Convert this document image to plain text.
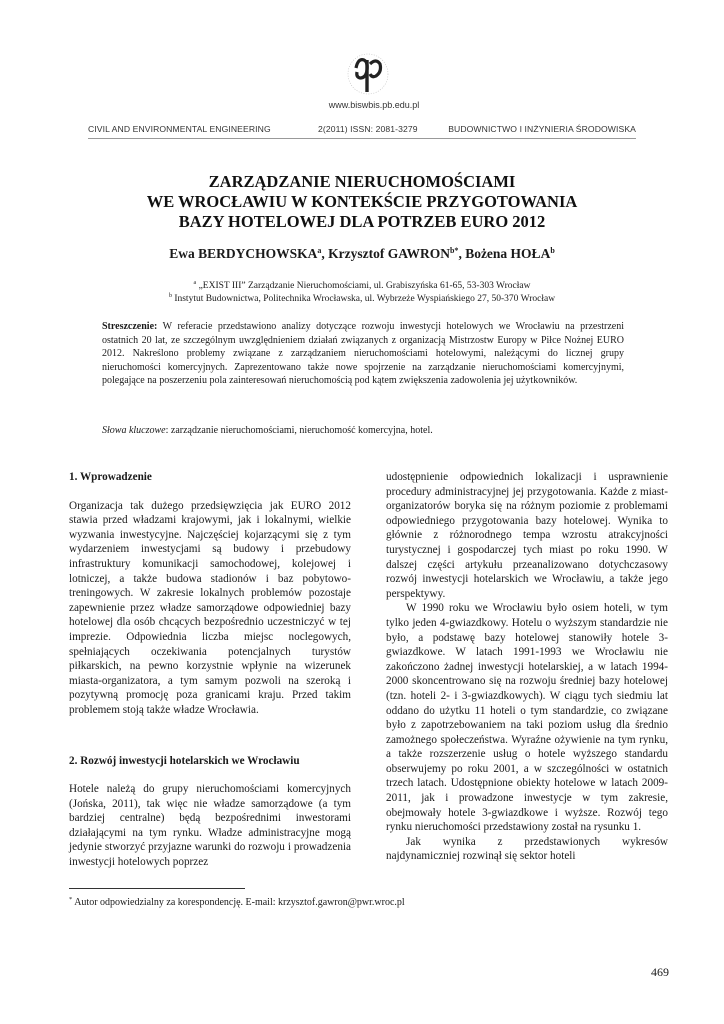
www.biswbis.pb.edu.pl
CIVIL AND ENVIRONMENTAL ENGINEERING	2(2011) ISSN: 2081-3279	BUDOWNICTWO I INŻYNIERIA ŚRODOWISKA
ZARZĄDZANIE NIERUCHOMOŚCIAMI
WE WROCŁAWIU W KONTEKŚCIE PRZYGOTOWANIA
BAZY HOTELOWEJ DLA POTRZEB EURO 2012
Ewa BERDYCHOWSKA$^a$, Krzysztof $GAWRON^{b*}$, Bożena HOŁA$^b$
$^a$ „EXIST III” Zarządzanie Nieruchomościami, ul. Grabiszyńska 61-65, 53-303 Wrocław
$^b$ Instytut Budownictwa, Politechnika Wrocławska, ul. Wybrzeże Wyspiańskiego 27, 50-370 Wrocław
Streszczenie: W referacie przedstawiono analizy dotyczące rozwoju inwestycji hotelowych we Wrocławiu na przestrzeni ostatnich 20 lat, ze szczególnym uwzględnieniem działań związanych z organizacją Mistrzostw Europy w Piłce Nożnej EURO 2012. Nakreślono problemy związane z zarządzaniem nieruchomościami hotelowymi, należącymi do licznej grupy nieruchomości komercyjnych. Zaprezentowano także nowe spojrzenie na zarządzanie nieruchomościami komercyjnymi, polegające na poszerzeniu pola zainteresowań nieruchomością pod kątem zwiększenia zadowolenia jej użytkowników.
Słowa kluczowe: zarządzanie nieruchomościami, nieruchomość komercyjna, hotel.
1. Wprowadzenie

Organizacja tak dużego przedsięwzięcia jak EURO 2012 stawia przed władzami krajowymi, jak i lokalnymi, wielkie wyzwania inwestycyjne. Najczęściej kojarzącymi się z tym wydarzeniem inwestycjami są budowy i przebudowy infrastruktury komunikacji samochodowej, kolejowej i lotniczej, a także budowa stadionów i baz pobytowo-treningowych. W zakresie lokalnych problemów pozostaje zapewnienie przez władze samorządowe odpowiedniej bazy hotelowej dla osób chcących bezpośrednio uczestniczyć w tej imprezie. Odpowiednia liczba miejsc noclegowych, spełniających oczekiwania potencjalnych turystów piłkarskich, na pewno korzystnie wpłynie na wizerunek miasta-organizatora, a tym samym pozwoli na szeroką i pozytywną promocję poza granicami kraju. Przed takim problemem stoją także władze Wrocławia.

2. Rozwój inwestycji hotelarskich we Wrocławiu

Hotele należą do grupy nieruchomościami komercyjnych (Jońska, 2011), tak więc nie władze samorządowe (a tym bardziej centralne) będą bezpośrednimi inwestorami działającymi na tym rynku. Władze administracyjne mogą jedynie stworzyć przyjazne warunki do rozwoju i prowadzenia inwestycji hotelowych poprzez

udostępnienie odpowiednich lokalizacji i usprawnienie procedury administracyjnej jej przygotowania. Każde z miast-organizatorów boryka się na różnym poziomie z problemami odpowiedniego przygotowania bazy hotelowej. Wynika to głównie z różnorodnego tempa wzrostu atrakcyjności turystycznej i gospodarczej tych miast po roku 1990. W dalszej części artykułu przeanalizowano dotychczasowy rozwój inwestycji hotelarskich we Wrocławiu, a także jego perspektywy.

W 1990 roku we Wrocławiu było osiem hoteli, w tym tylko jeden 4-gwiazdkowy. Hotelu o wyższym standardzie nie było, a podstawę bazy hotelowej stanowiły hotele 3-gwiazdkowe. W latach 1991-1993 we Wrocławiu nie zakończono żadnej inwestycji hotelarskiej, a w latach 1994-2000 skoncentrowano się na rozwoju średniej bazy hotelowej (tzn. hoteli 2- i 3-gwiazdkowych). W ciągu tych siedmiu lat oddano do użytku 11 hoteli o tym standardzie, co związane było z zapotrzebowaniem na taki poziom usług dla średnio zamożnego społeczeństwa. Wyraźne ożywienie na tym rynku, a także rozszerzenie usług o hotele wyższego standardu obserwujemy po roku 2001, a w szczególności w ostatnich trzech latach. Udostępnione obiekty hotelowe w latach 2009-2011, jak i prowadzone inwestycje w tym zakresie, obejmowały hotele 3-gwiazdkowe i wyższe. Rozwój tego rynku nieruchomości przedstawiony został na rysunku 1.

Jak wynika z przedstawionych wykresów najdynamiczniej rozwinął się sektor hoteli

* Autor odpowiedzialny za korespondencję. E-mail: krzysztof.gawron@pwr.wroc.pl
469
